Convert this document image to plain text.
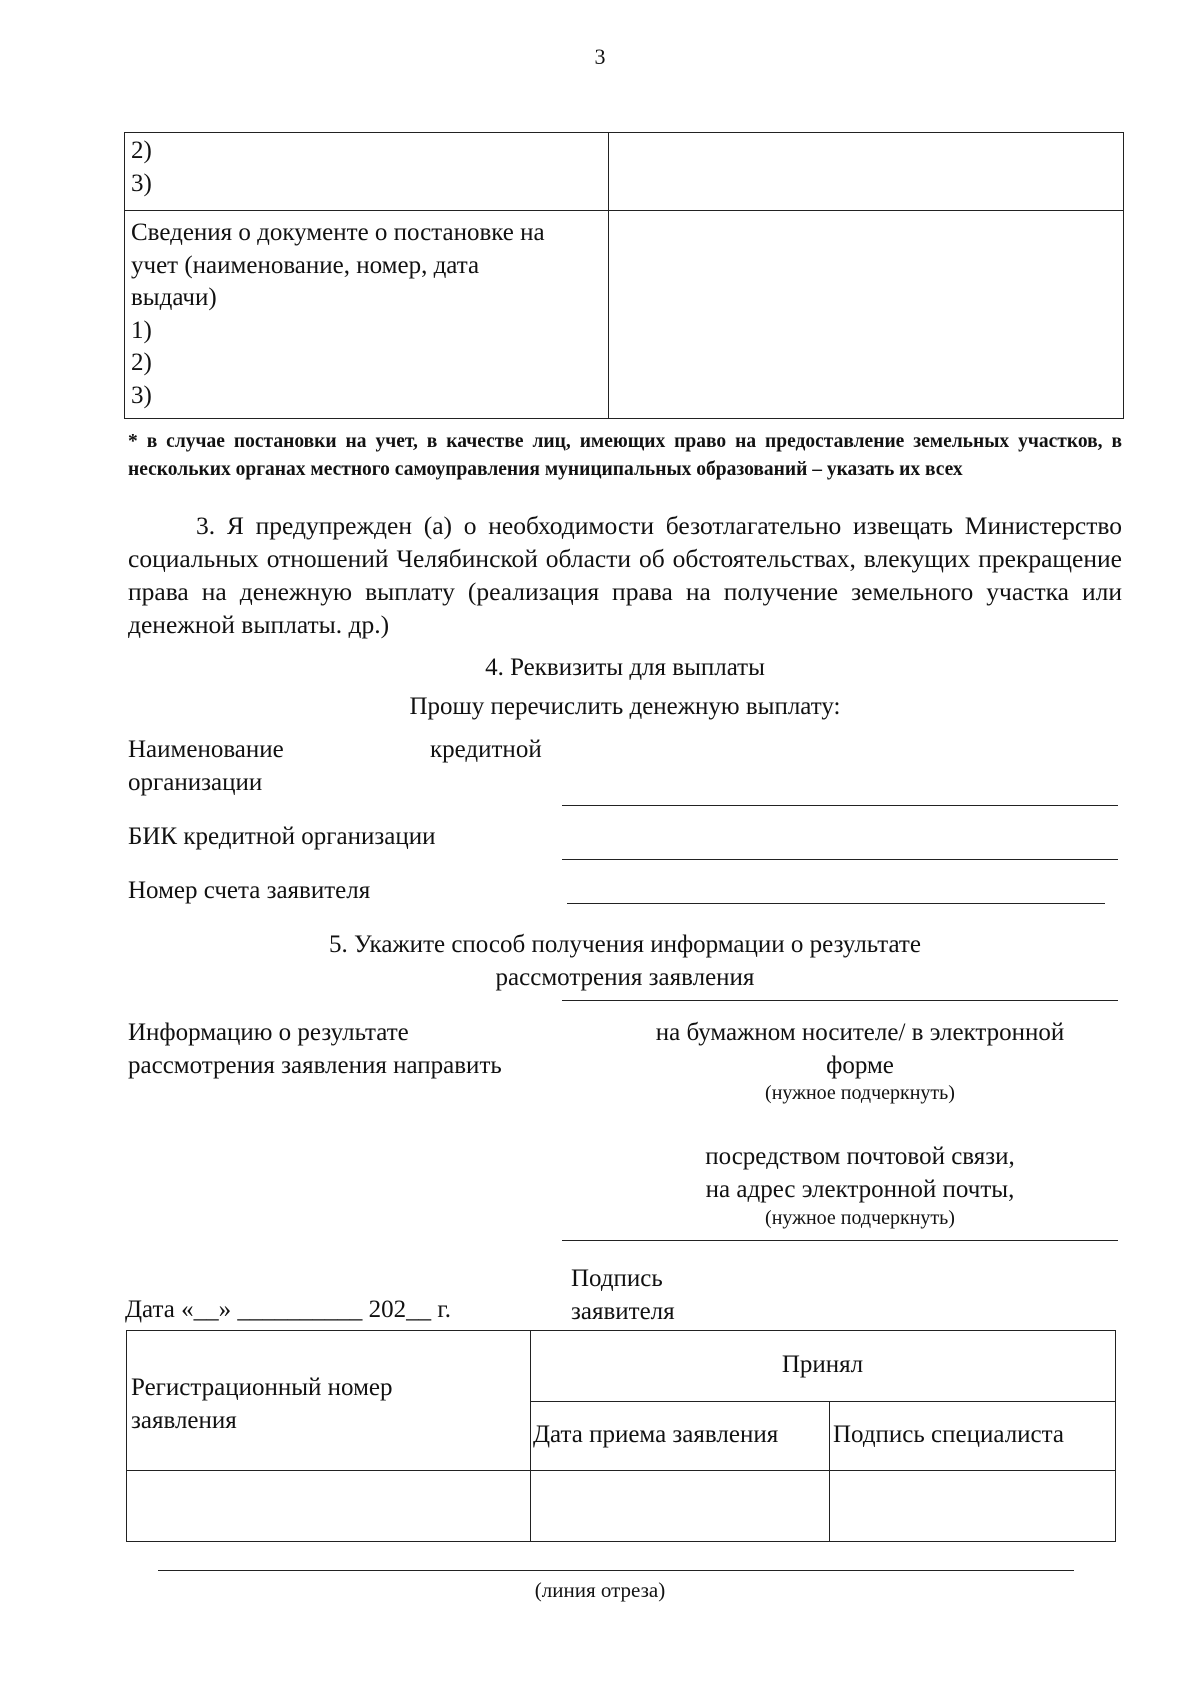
3
2)
3)
Сведения о документе о постановке на
учет (наименование, номер, дата
выдачи)
1)
2)
3)
* в случае постановки на учет, в качестве лиц, имеющих право на предоставление земельных участков, в нескольких органах местного самоуправления муниципальных образований – указать их всех
3. Я предупрежден (а) о необходимости безотлагательно извещать Министерство социальных отношений Челябинской области об обстоятельствах, влекущих прекращение права на денежную выплату (реализация права на получение земельного участка или денежной выплаты. др.)
4. Реквизиты для выплаты
Прошу перечислить денежную выплату:
Наименование	кредитной
организации
БИК кредитной организации
Номер счета заявителя
5. Укажите способ получения информации о результате
рассмотрения заявления
Информацию о результате
рассмотрения заявления направить
на бумажном носителе/ в электронной
форме
(нужное подчеркнуть)
посредством почтовой связи,
на адрес электронной почты,
(нужное подчеркнуть)
Подпись
заявителя
Дата «__» __________ 202__ г.
Регистрационный номер
заявления
Принял
Дата приема заявления	Подпись специалиста
(линия отреза)
